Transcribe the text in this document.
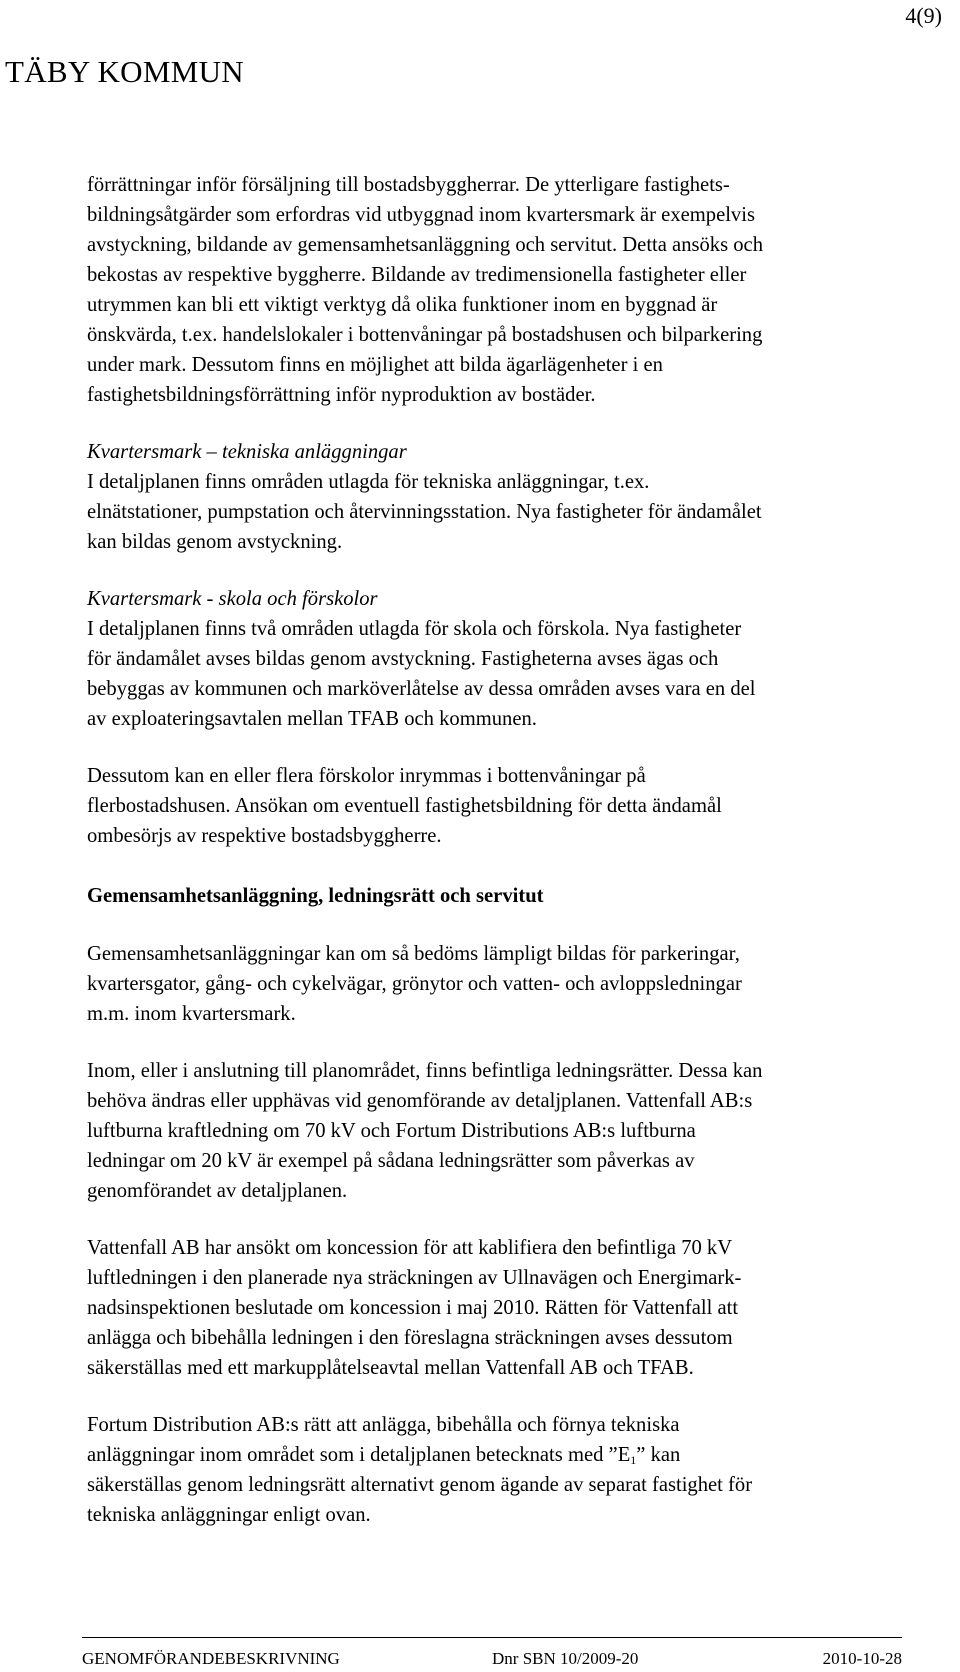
4(9)
TÄBY KOMMUN

förrättningar inför försäljning till bostadsbyggherrar. De ytterligare fastighets-
bildningsåtgärder som erfordras vid utbyggnad inom kvartersmark är exempelvis
avstyckning, bildande av gemensamhetsanläggning och servitut. Detta ansöks och
bekostas av respektive byggherre. Bildande av tredimensionella fastigheter eller
utrymmen kan bli ett viktigt verktyg då olika funktioner inom en byggnad är
önskvärda, t.ex. handelslokaler i bottenvåningar på bostadshusen och bilparkering
under mark. Dessutom finns en möjlighet att bilda ägarlägenheter i en
fastighetsbildningsförrättning inför nyproduktion av bostäder.

Kvartersmark – tekniska anläggningar
I detaljplanen finns områden utlagda för tekniska anläggningar, t.ex.
elnätstationer, pumpstation och återvinningsstation. Nya fastigheter för ändamålet
kan bildas genom avstyckning.

Kvartersmark - skola och förskolor
I detaljplanen finns två områden utlagda för skola och förskola. Nya fastigheter
för ändamålet avses bildas genom avstyckning. Fastigheterna avses ägas och
bebyggas av kommunen och marköverlåtelse av dessa områden avses vara en del
av exploateringsavtalen mellan TFAB och kommunen.

Dessutom kan en eller flera förskolor inrymmas i bottenvåningar på
flerbostadshusen. Ansökan om eventuell fastighetsbildning för detta ändamål
ombesörjs av respektive bostadsbyggherre.

Gemensamhetsanläggning, ledningsrätt och servitut

Gemensamhetsanläggningar kan om så bedöms lämpligt bildas för parkeringar,
kvartersgator, gång- och cykelvägar, grönytor och vatten- och avloppsledningar
m.m. inom kvartersmark.

Inom, eller i anslutning till planområdet, finns befintliga ledningsrätter. Dessa kan
behöva ändras eller upphävas vid genomförande av detaljplanen. Vattenfall AB:s
luftburna kraftledning om 70 kV och Fortum Distributions AB:s luftburna
ledningar om 20 kV är exempel på sådana ledningsrätter som påverkas av
genomförandet av detaljplanen.

Vattenfall AB har ansökt om koncession för att kablifiera den befintliga 70 kV
luftledningen i den planerade nya sträckningen av Ullnavägen och Energimark-
nadsinspektionen beslutade om koncession i maj 2010. Rätten för Vattenfall att
anlägga och bibehålla ledningen i den föreslagna sträckningen avses dessutom
säkerställas med ett markupplåtelseavtal mellan Vattenfall AB och TFAB.

Fortum Distribution AB:s rätt att anlägga, bibehålla och förnya tekniska
anläggningar inom området som i detaljplanen betecknats med $”E_1$” kan
säkerställas genom ledningsrätt alternativt genom ägande av separat fastighet för
tekniska anläggningar enligt ovan.

GENOMFÖRANDEBESKRIVNING	Dnr SBN 10/2009-20	2010-10-28
